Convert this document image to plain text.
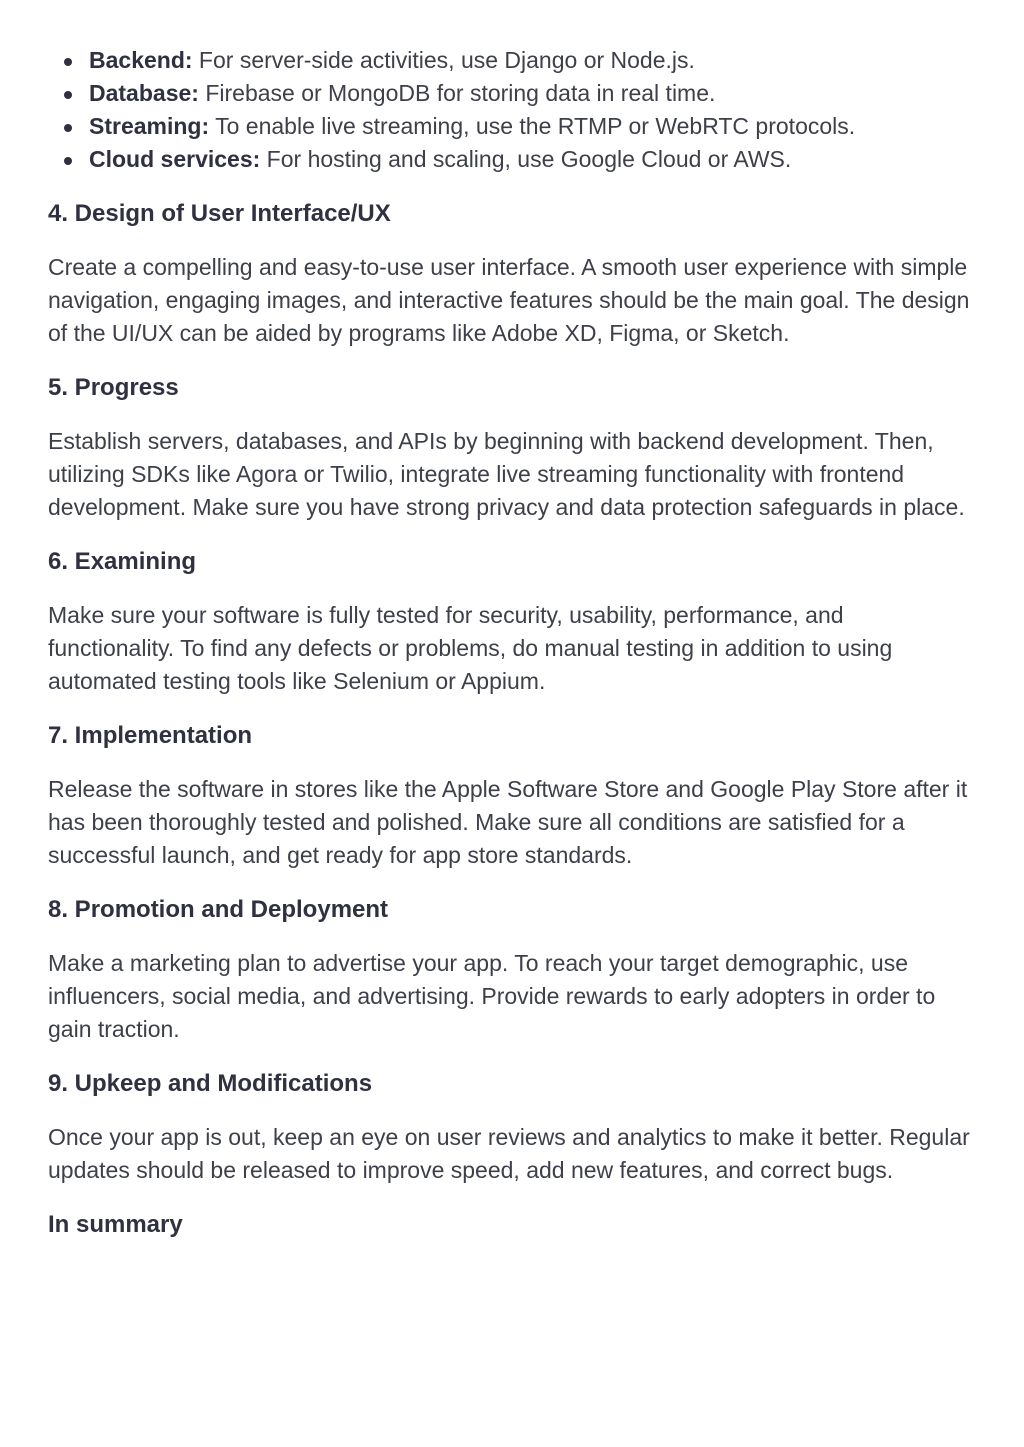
Backend: For server-side activities, use Django or Node.js.
Database: Firebase or MongoDB for storing data in real time.
Streaming: To enable live streaming, use the RTMP or WebRTC protocols.
Cloud services: For hosting and scaling, use Google Cloud or AWS.
4. Design of User Interface/UX

Create a compelling and easy-to-use user interface. A smooth user experience with simple navigation, engaging images, and interactive features should be the main goal. The design of the UI/UX can be aided by programs like Adobe XD, Figma, or Sketch.

5. Progress

Establish servers, databases, and APIs by beginning with backend development. Then, utilizing SDKs like Agora or Twilio, integrate live streaming functionality with frontend development. Make sure you have strong privacy and data protection safeguards in place.

6. Examining

Make sure your software is fully tested for security, usability, performance, and functionality. To find any defects or problems, do manual testing in addition to using automated testing tools like Selenium or Appium.

7. Implementation

Release the software in stores like the Apple Software Store and Google Play Store after it has been thoroughly tested and polished. Make sure all conditions are satisfied for a successful launch, and get ready for app store standards.

8. Promotion and Deployment

Make a marketing plan to advertise your app. To reach your target demographic, use influencers, social media, and advertising. Provide rewards to early adopters in order to gain traction.

9. Upkeep and Modifications

Once your app is out, keep an eye on user reviews and analytics to make it better. Regular updates should be released to improve speed, add new features, and correct bugs.

In summary
